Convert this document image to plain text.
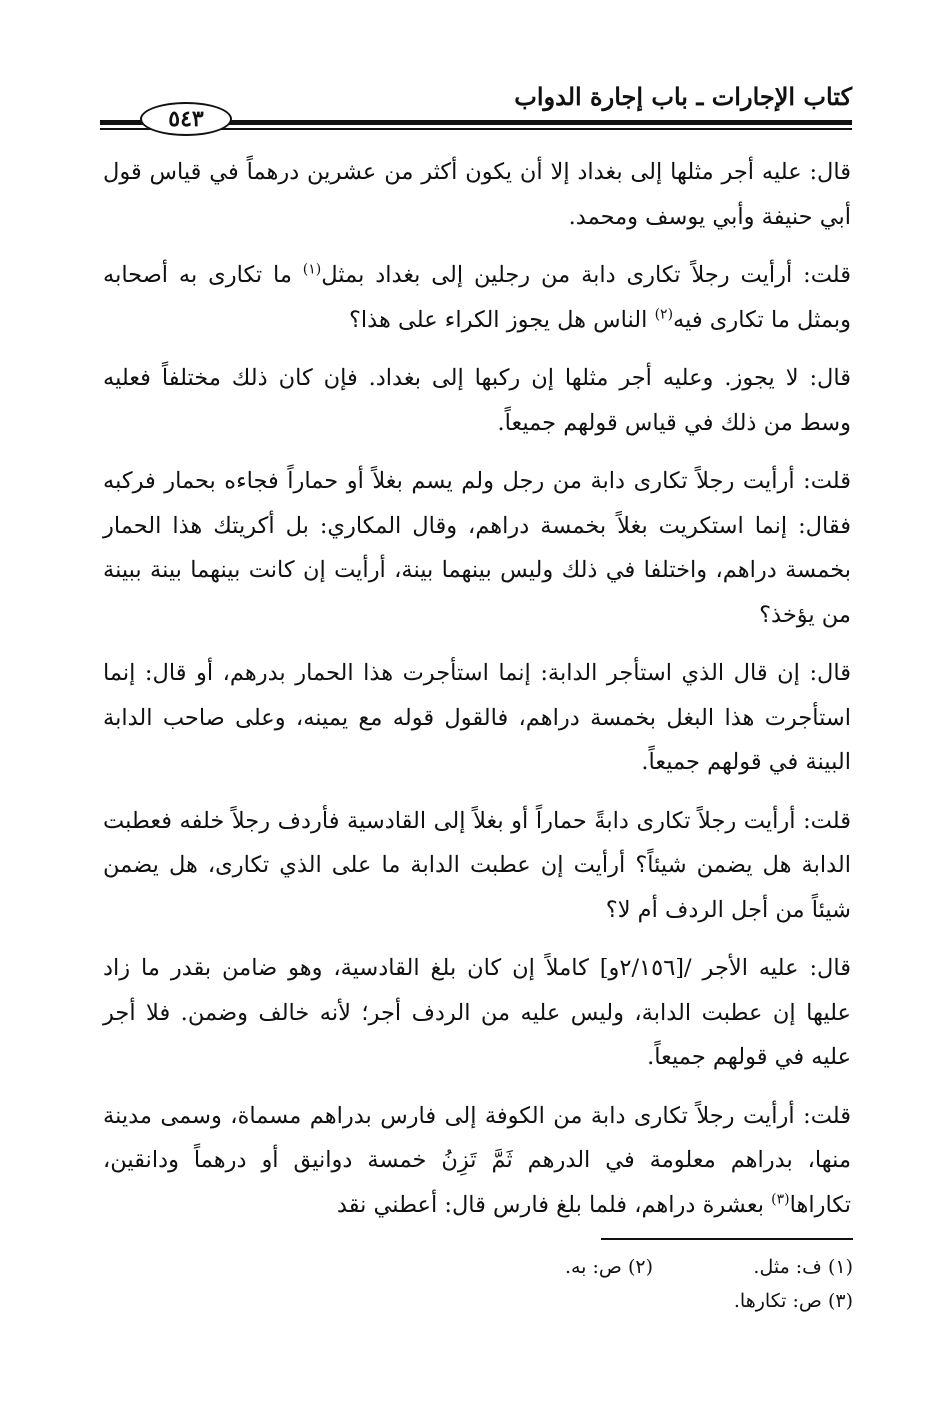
كتاب الإجارات ـ باب إجارة الدواب
٥٤٣

قال: عليه أجر مثلها إلى بغداد إلا أن يكون أكثر من عشرين درهماً في قياس قول أبي حنيفة وأبي يوسف ومحمد.

قلت: أرأيت رجلاً تكارى دابة من رجلين إلى بغداد بمثل$^{(١)}$ ما تكارى به أصحابه وبمثل ما تكارى فيه$^{(٢)}$ الناس هل يجوز الكراء على هذا؟

قال: لا يجوز. وعليه أجر مثلها إن ركبها إلى بغداد. فإن كان ذلك مختلفاً فعليه وسط من ذلك في قياس قولهم جميعاً.

قلت: أرأيت رجلاً تكارى دابة من رجل ولم يسم بغلاً أو حماراً فجاءه بحمار فركبه فقال: إنما استكريت بغلاً بخمسة دراهم، وقال المكاري: بل أكريتك هذا الحمار بخمسة دراهم، واختلفا في ذلك وليس بينهما بينة، أرأيت إن كانت بينهما بينة ببينة من يؤخذ؟

قال: إن قال الذي استأجر الدابة: إنما استأجرت هذا الحمار بدرهم، أو قال: إنما استأجرت هذا البغل بخمسة دراهم، فالقول قوله مع يمينه، وعلى صاحب الدابة البينة في قولهم جميعاً.

قلت: أرأيت رجلاً تكارى دابةً حماراً أو بغلاً إلى القادسية فأردف رجلاً خلفه فعطبت الدابة هل يضمن شيئاً؟ أرأيت إن عطبت الدابة ما على الذي تكارى، هل يضمن شيئاً من أجل الردف أم لا؟

قال: عليه الأجر /[٢/١٥٦و] كاملاً إن كان بلغ القادسية، وهو ضامن بقدر ما زاد عليها إن عطبت الدابة، وليس عليه من الردف أجر؛ لأنه خالف وضمن. فلا أجر عليه في قولهم جميعاً.

قلت: أرأيت رجلاً تكارى دابة من الكوفة إلى فارس بدراهم مسماة، وسمى مدينة منها، بدراهم معلومة في الدرهم ثَمَّ تَزِنُ خمسة دوانيق أو درهماً ودانقين، تكاراها$^{(٣)}$ بعشرة دراهم، فلما بلغ فارس قال: أعطني نقد

(١) ف: مثل.
(٢) ص: به.
(٣) ص: تكارها.
